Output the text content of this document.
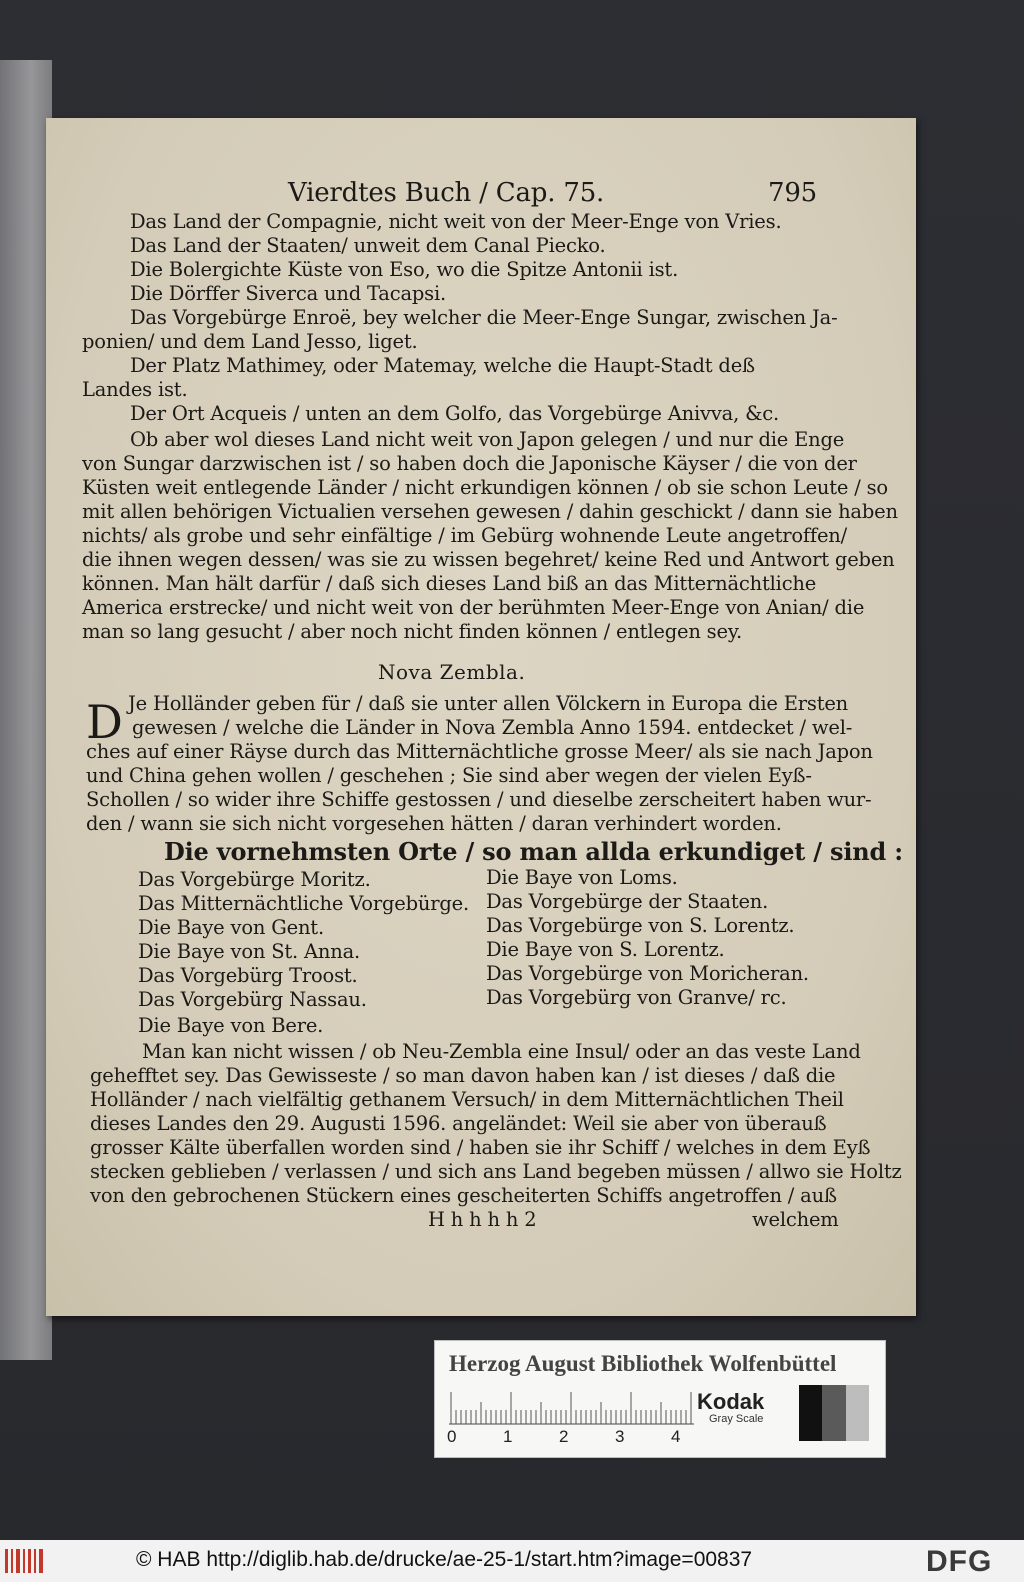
Vierdtes Buch / Cap. 75.	795
Das Land der Compagnie, nicht weit von der Meer-Enge von Vries.
Das Land der Staaten/ unweit dem Canal Piecko.
Die Bolergichte Küste von Eso, wo die Spitze Antonii ist.
Die Dörffer Siverca und Tacapsi.
Das Vorgebürge Enroë, bey welcher die Meer-Enge Sungar, zwischen Ja-
ponien/ und dem Land Jesso, liget.
Der Platz Mathimey, oder Matemay, welche die Haupt-Stadt deß
Landes ist.
Der Ort Acqueis / unten an dem Golfo, das Vorgebürge Anivva, &c.
Ob aber wol dieses Land nicht weit von Japon gelegen / und nur die Enge
von Sungar darzwischen ist / so haben doch die Japonische Käyser / die von der
Küsten weit entlegende Länder / nicht erkundigen können / ob sie schon Leute / so
mit allen behörigen Victualien versehen gewesen / dahin geschickt / dann sie haben
nichts/ als grobe und sehr einfältige / im Gebürg wohnende Leute angetroffen/
die ihnen wegen dessen/ was sie zu wissen begehret/ keine Red und Antwort geben
können. Man hält darfür / daß sich dieses Land biß an das Mitternächtliche
America erstrecke/ und nicht weit von der berühmten Meer-Enge von Anian/ die
man so lang gesucht / aber noch nicht finden können / entlegen sey.
Nova Zembla.
D Je Holländer geben für / daß sie unter allen Völckern in Europa die Ersten
gewesen / welche die Länder in Nova Zembla Anno 1594. entdecket / wel-
ches auf einer Räyse durch das Mitternächtliche grosse Meer/ als sie nach Japon
und China gehen wollen / geschehen ; Sie sind aber wegen der vielen Eyß-
Schollen / so wider ihre Schiffe gestossen / und dieselbe zerscheitert haben wur-
den / wann sie sich nicht vorgesehen hätten / daran verhindert worden.
Die vornehmsten Orte / so man allda erkundiget / sind :
Das Vorgebürge Moritz.
Das Mitternächtliche Vorgebürge.
Die Baye von Gent.
Die Baye von St. Anna.
Das Vorgebürg Troost.
Das Vorgebürg Nassau.
Die Baye von Bere.
Die Baye von Loms.
Das Vorgebürge der Staaten.
Das Vorgebürge von S. Lorentz.
Die Baye von S. Lorentz.
Das Vorgebürge von Moricheran.
Das Vorgebürg von Granve/ rc.
Man kan nicht wissen / ob Neu-Zembla eine Insul/ oder an das veste Land
gehefftet sey. Das Gewisseste / so man davon haben kan / ist dieses / daß die
Holländer / nach vielfältig gethanem Versuch/ in dem Mitternächtlichen Theil
dieses Landes den 29. Augusti 1596. angeländet: Weil sie aber von überauß
grosser Kälte überfallen worden sind / haben sie ihr Schiff / welches in dem Eyß
stecken geblieben / verlassen / und sich ans Land begeben müssen / allwo sie Holtz
von den gebrochenen Stückern eines gescheiterten Schiffs angetroffen / auß
H h h h h 2	welchem
Herzog August Bibliothek Wolfenbüttel
0	1	2	3	4
Kodak
Gray Scale
© HAB http://diglib.hab.de/drucke/ae-25-1/start.htm?image=00837	DFG
